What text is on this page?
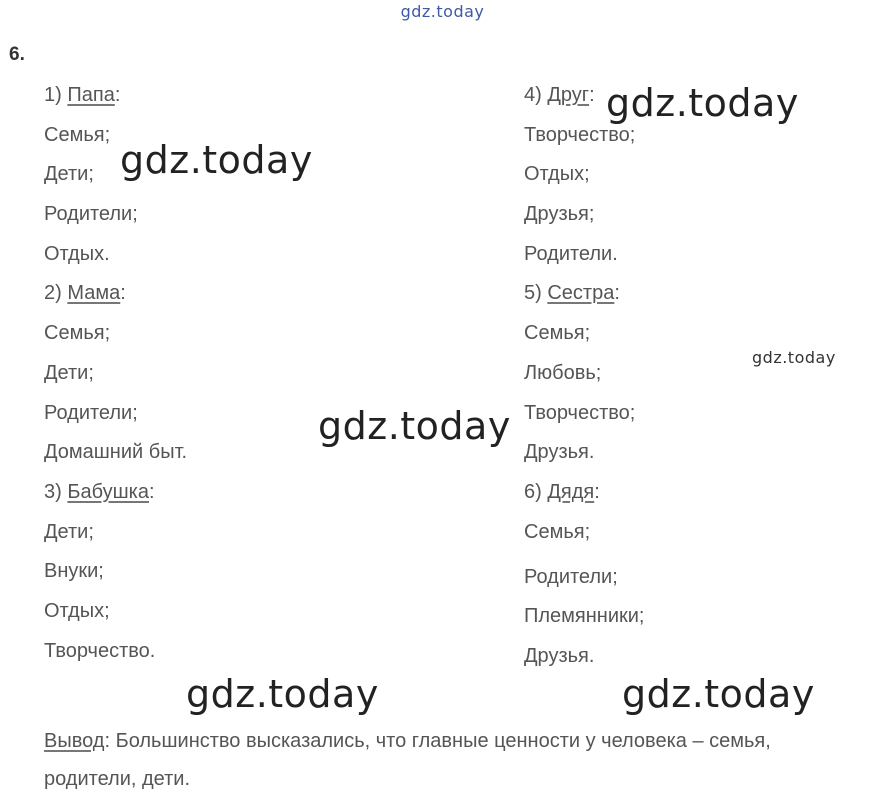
gdz.today
6.
1) Папа:
Семья;
Дети;
Родители;
Отдых.
2) Мама:
Семья;
Дети;
Родители;
Домашний быт.
3) Бабушка:
Дети;
Внуки;
Отдых;
Творчество.
4) Друг:
Творчество;
Отдых;
Друзья;
Родители.
5) Сестра:
Семья;
Любовь;
Творчество;
Друзья.
6) Дядя:
Семья;
Родители;
Племянники;
Друзья.
Вывод: Большинство высказались, что главные ценности у человека – семья,
родители, дети.
gdz.today
gdz.today
gdz.today
gdz.today
gdz.today	gdz.today
